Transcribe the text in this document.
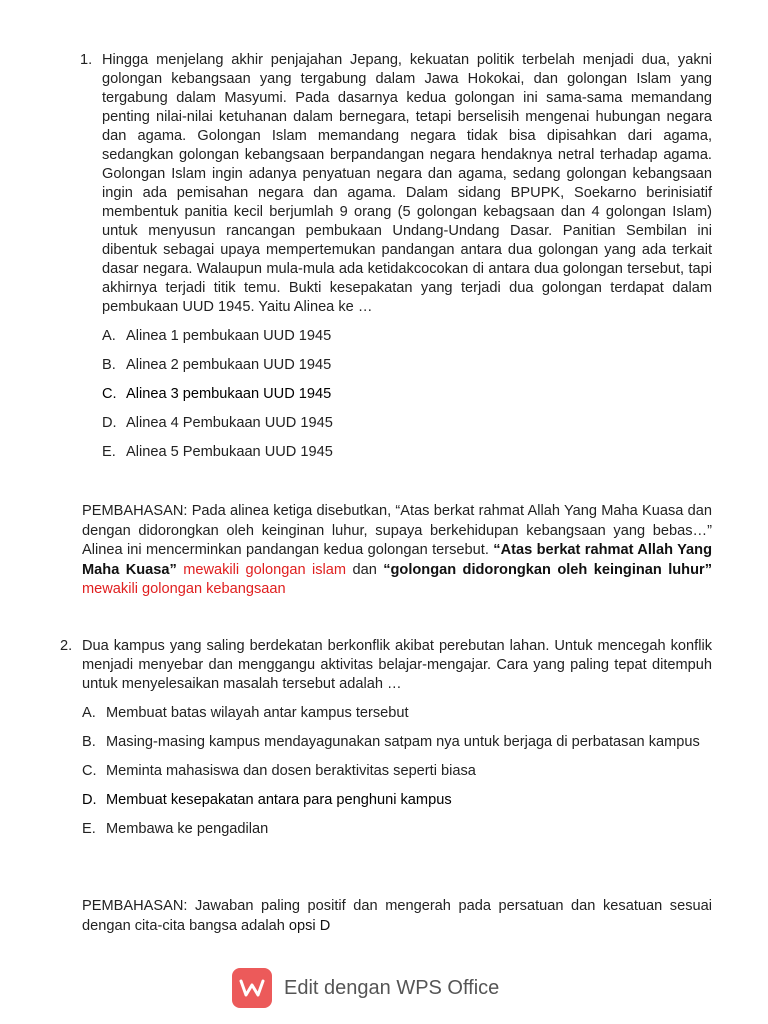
1. Hingga menjelang akhir penjajahan Jepang, kekuatan politik terbelah menjadi dua, yakni golongan kebangsaan yang tergabung dalam Jawa Hokokai, dan golongan Islam yang tergabung dalam Masyumi. Pada dasarnya kedua golongan ini sama-sama memandang penting nilai-nilai ketuhanan dalam bernegara, tetapi berselisih mengenai hubungan negara dan agama. Golongan Islam memandang negara tidak bisa dipisahkan dari agama, sedangkan golongan kebangsaan berpandangan negara hendaknya netral terhadap agama. Golongan Islam ingin adanya penyatuan negara dan agama, sedang golongan kebangsaan ingin ada pemisahan negara dan agama. Dalam sidang BPUPK, Soekarno berinisiatif membentuk panitia kecil berjumlah 9 orang (5 golongan kebagsaan dan 4 golongan Islam) untuk menyusun rancangan pembukaan Undang-Undang Dasar. Panitian Sembilan ini dibentuk sebagai upaya mempertemukan pandangan antara dua golongan yang ada terkait dasar negara. Walaupun mula-mula ada ketidakcocokan di antara dua golongan tersebut, tapi akhirnya terjadi titik temu. Bukti kesepakatan yang terjadi dua golongan terdapat dalam pembukaan UUD 1945. Yaitu Alinea ke …
A. Alinea 1 pembukaan UUD 1945
B. Alinea 2 pembukaan UUD 1945
C. Alinea 3 pembukaan UUD 1945
D. Alinea 4 Pembukaan UUD 1945
E. Alinea 5 Pembukaan UUD 1945
PEMBAHASAN: Pada alinea ketiga disebutkan, “Atas berkat rahmat Allah Yang Maha Kuasa dan dengan didorongkan oleh keinginan luhur, supaya berkehidupan kebangsaan yang bebas…” Alinea ini mencerminkan pandangan kedua golongan tersebut. “Atas berkat rahmat Allah Yang Maha Kuasa” mewakili golongan islam dan “golongan didorongkan oleh keinginan luhur” mewakili golongan kebangsaan
2. Dua kampus yang saling berdekatan berkonflik akibat perebutan lahan. Untuk mencegah konflik menjadi menyebar dan menggangu aktivitas belajar-mengajar. Cara yang paling tepat ditempuh untuk menyelesaikan masalah tersebut adalah …
A. Membuat batas wilayah antar kampus tersebut
B. Masing-masing kampus mendayagunakan satpam nya untuk berjaga di perbatasan kampus
C. Meminta mahasiswa dan dosen beraktivitas seperti biasa
D. Membuat kesepakatan antara para penghuni kampus
E. Membawa ke pengadilan
PEMBAHASAN: Jawaban paling positif dan mengerah pada persatuan dan kesatuan sesuai dengan cita-cita bangsa adalah opsi D
Edit dengan WPS Office
